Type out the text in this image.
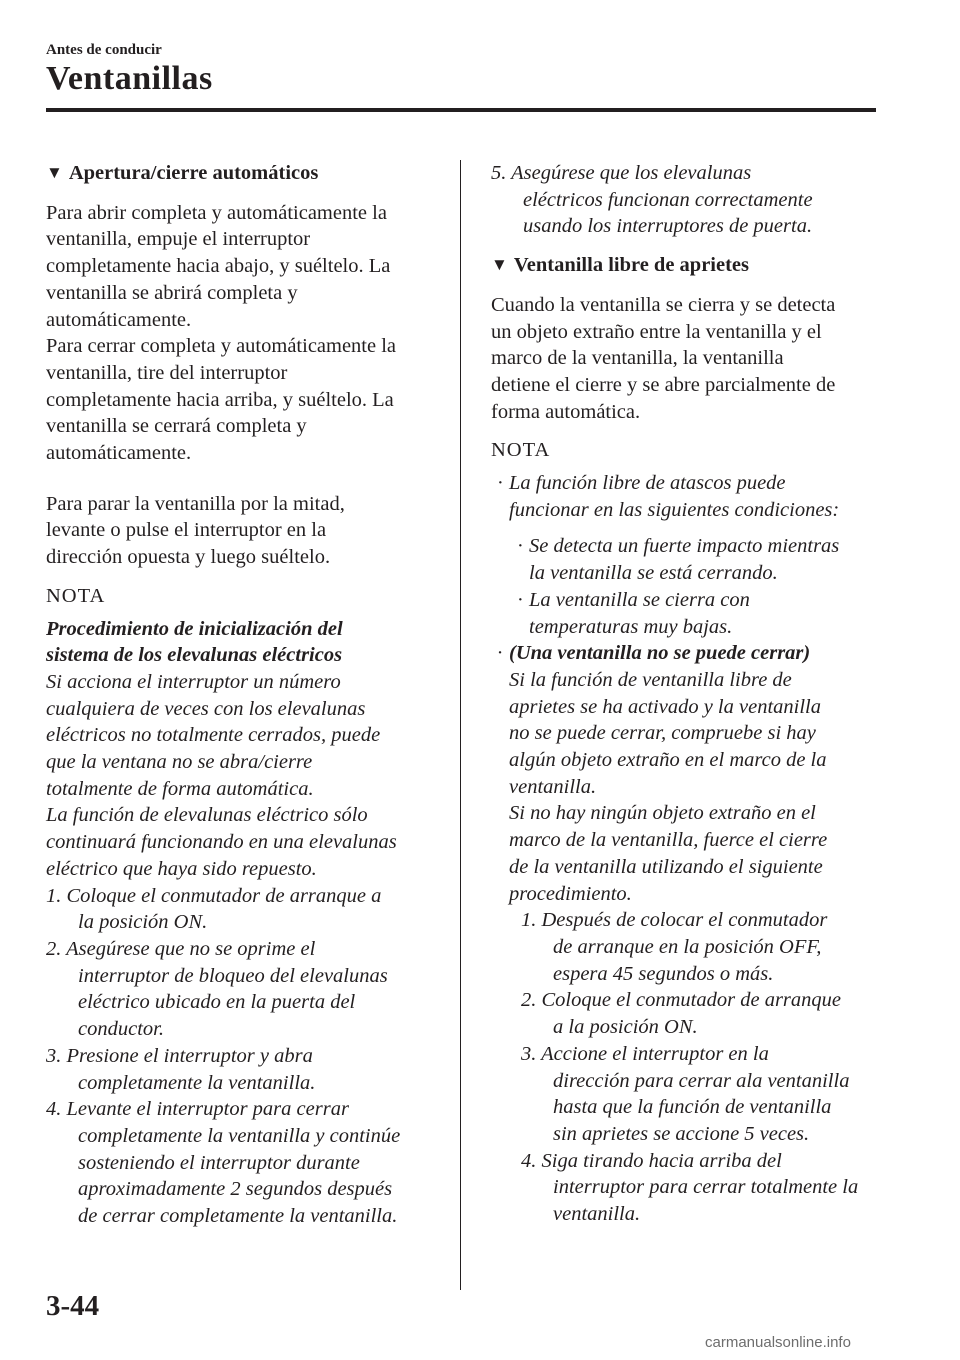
Antes de conducir
Ventanillas
▼ Apertura/cierre automáticos
Para abrir completa y automáticamente la
ventanilla, empuje el interruptor
completamente hacia abajo, y suéltelo. La
ventanilla se abrirá completa y
automáticamente.
Para cerrar completa y automáticamente la
ventanilla, tire del interruptor
completamente hacia arriba, y suéltelo. La
ventanilla se cerrará completa y
automáticamente.
Para parar la ventanilla por la mitad,
levante o pulse el interruptor en la
dirección opuesta y luego suéltelo.
NOTA
Procedimiento de inicialización del
sistema de los elevalunas eléctricos
Si acciona el interruptor un número
cualquiera de veces con los elevalunas
eléctricos no totalmente cerrados, puede
que la ventana no se abra/cierre
totalmente de forma automática.
La función de elevalunas eléctrico sólo
continuará funcionando en una elevalunas
eléctrico que haya sido repuesto.
1. Coloque el conmutador de arranque a
la posición ON.
2. Asegúrese que no se oprime el
interruptor de bloqueo del elevalunas
eléctrico ubicado en la puerta del
conductor.
3. Presione el interruptor y abra
completamente la ventanilla.
4. Levante el interruptor para cerrar
completamente la ventanilla y continúe
sosteniendo el interruptor durante
aproximadamente 2 segundos después
de cerrar completamente la ventanilla.
5. Asegúrese que los elevalunas
eléctricos funcionan correctamente
usando los interruptores de puerta.
▼ Ventanilla libre de aprietes
Cuando la ventanilla se cierra y se detecta
un objeto extraño entre la ventanilla y el
marco de la ventanilla, la ventanilla
detiene el cierre y se abre parcialmente de
forma automática.
NOTA
· La función libre de atascos puede
funcionar en las siguientes condiciones:
· Se detecta un fuerte impacto mientras
la ventanilla se está cerrando.
· La ventanilla se cierra con
temperaturas muy bajas.
· (Una ventanilla no se puede cerrar)
Si la función de ventanilla libre de
aprietes se ha activado y la ventanilla
no se puede cerrar, compruebe si hay
algún objeto extraño en el marco de la
ventanilla.
Si no hay ningún objeto extraño en el
marco de la ventanilla, fuerce el cierre
de la ventanilla utilizando el siguiente
procedimiento.
1. Después de colocar el conmutador
de arranque en la posición OFF,
espera 45 segundos o más.
2. Coloque el conmutador de arranque
a la posición ON.
3. Accione el interruptor en la
dirección para cerrar ala ventanilla
hasta que la función de ventanilla
sin aprietes se accione 5 veces.
4. Siga tirando hacia arriba del
interruptor para cerrar totalmente la
ventanilla.
3-44
carmanualsonline.info
